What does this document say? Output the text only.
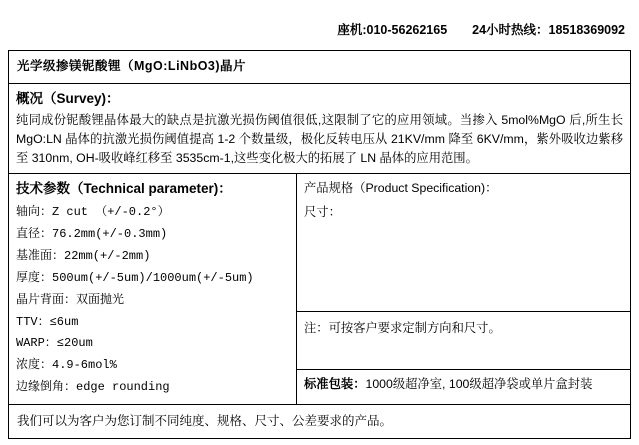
座机:010-56262165 24小时热线：18518369092
光学级掺镁铌酸锂（MgO:LiNbO3)晶片

概况（Survey)：
纯同成份铌酸锂晶体最大的缺点是抗激光损伤阈值很低,这限制了它的应用领域。当掺入 5mol%MgO 后,所生长 MgO:LN 晶体的抗激光损伤阈值提高 1-2 个数量级，极化反转电压从 21KV/mm 降至 6KV/mm，紫外吸收边紫移至 310nm, OH-吸收峰红移至 3535cm-1,这些变化极大的拓展了 LN 晶体的应用范围。

技术参数（Technical parameter)：
轴向：Z cut （+/-0.2°）
直径：76.2mm(+/-0.3mm)
基准面：22mm(+/-2mm)
厚度：500um(+/-5um)/1000um(+/-5um)
晶片背面：双面抛光
TTV：≤6um
WARP：≤20um
浓度：4.9-6mol%
边缘倒角：edge rounding

产品规格（Product Specification)：
尺寸：

注：可按客户要求定制方向和尺寸。

标准包装：1000级超净室, 100级超净袋或单片盒封装

我们可以为客户为您订制不同纯度、规格、尺寸、公差要求的产品。
